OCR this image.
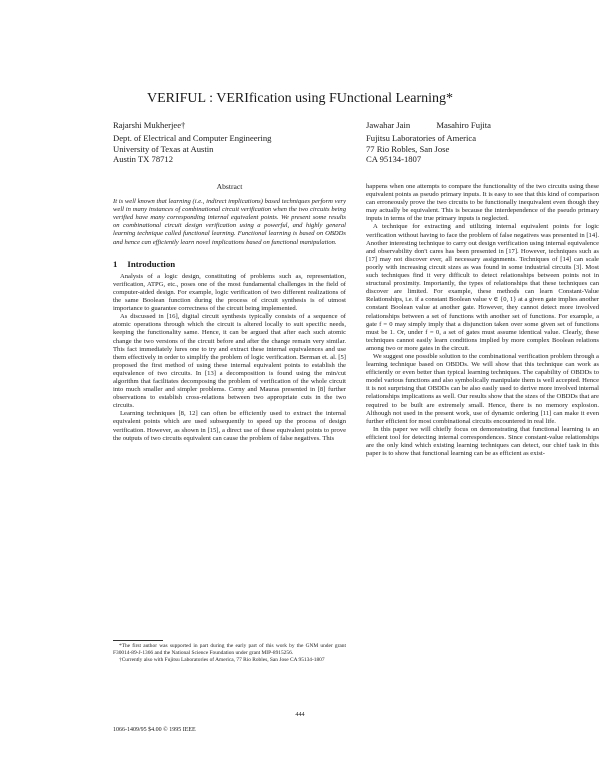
VERIFUL : VERIfication using FUnctional Learning*
Rajarshi Mukherjee†
Dept. of Electrical and Computer Engineering
University of Texas at Austin
Austin TX 78712
Jawahar Jain	Masahiro Fujita
Fujitsu Laboratories of America
77 Rio Robles, San Jose
CA 95134-1807
Abstract

It is well known that learning (i.e., indirect implications) based techniques perform very well in many instances of combinational circuit verification when the two circuits being verified have many corresponding internal equivalent points. We present some results on combinational circuit design verification using a powerful, and highly general learning technique called functional learning. Functional learning is based on OBDDs and hence can efficiently learn novel implications based on functional manipulation.

1 Introduction

Analysis of a logic design, constituting of problems such as, representation, verification, ATPG, etc., poses one of the most fundamental challenges in the field of computer-aided design. For example, logic verification of two different realizations of the same Boolean function during the process of circuit synthesis is of utmost importance to guarantee correctness of the circuit being implemented.

As discussed in [16], digital circuit synthesis typically consists of a sequence of atomic operations through which the circuit is altered locally to suit specific needs, keeping the functionality same. Hence, it can be argued that after each such atomic change the two versions of the circuit before and after the change remain very similar. This fact immediately lures one to try and extract these internal equivalences and use them effectively in order to simplify the problem of logic verification. Berman et. al. [5] proposed the first method of using these internal equivalent points to establish the equivalence of two circuits. In [13] a decomposition is found using the min/cut algorithm that facilitates decomposing the problem of verification of the whole circuit into much smaller and simpler problems. Cerny and Mauras presented in [8] further observations to establish cross-relations between two appropriate cuts in the two circuits.

Learning techniques [8, 12] can often be efficiently used to extract the internal equivalent points which are used subsequently to speed up the process of design verification. However, as shown in [15], a direct use of these equivalent points to prove the outputs of two circuits equivalent can cause the problem of false negatives. This

happens when one attempts to compare the functionality of the two circuits using these equivalent points as pseudo primary inputs. It is easy to see that this kind of comparison can erroneously prove the two circuits to be functionally inequivalent even though they may actually be equivalent. This is because the interdependence of the pseudo primary inputs in terms of the true primary inputs is neglected.

A technique for extracting and utilizing internal equivalent points for logic verification without having to face the problem of false negatives was presented in [14]. Another interesting technique to carry out design verification using internal equivalence and observability don't cares has been presented in [17]. However, techniques such as [17] may not discover ever, all necessary assignments. Techniques of [14] can scale poorly with increasing circuit sizes as was found in some industrial circuits [3]. Most such techniques find it very difficult to detect relationships between points not in structural proximity. Importantly, the types of relationships that these techniques can discover are limited. For example, these methods can learn Constant-Value Relationships, i.e. if a constant Boolean value v ∈ {0, 1} at a given gate implies another constant Boolean value at another gate. However, they cannot detect more involved relationships between a set of functions with another set of functions. For example, a gate f = 0 may simply imply that a disjunction taken over some given set of functions must be 1. Or, under f = 0, a set of gates must assume identical value. Clearly, these techniques cannot easily learn conditions implied by more complex Boolean relations among two or more gates in the circuit.

We suggest one possible solution to the combinational verification problem through a learning technique based on OBDDs. We will show that this technique can work as efficiently or even better than typical learning techniques. The capability of OBDDs to model various functions and also symbolically manipulate them is well accepted. Hence it is not surprising that OBDDs can be also easily used to derive more involved internal relationships implications as well. Our results show that the sizes of the OBDDs that are required to be built are extremely small. Hence, there is no memory explosion. Although not used in the present work, use of dynamic ordering [11] can make it even further efficient for most combinational circuits encountered in real life.

In this paper we will chiefly focus on demonstrating that functional learning is an efficient tool for detecting internal correspondences. Since constant-value relationships are the only kind which existing learning techniques can detect, our chief task in this paper is to show that functional learning can be as efficient as exist-

*The first author was supported in part during the early part of this work by the GNM under grant F30014-89-J-1366 and the National Science Foundation under grant MIP-8915256.

†Currently also with Fujitsu Laboratories of America, 77 Rio Robles, San Jose CA 95134-1807

444
1066-1409/95 $4.00 © 1995 IEEE
